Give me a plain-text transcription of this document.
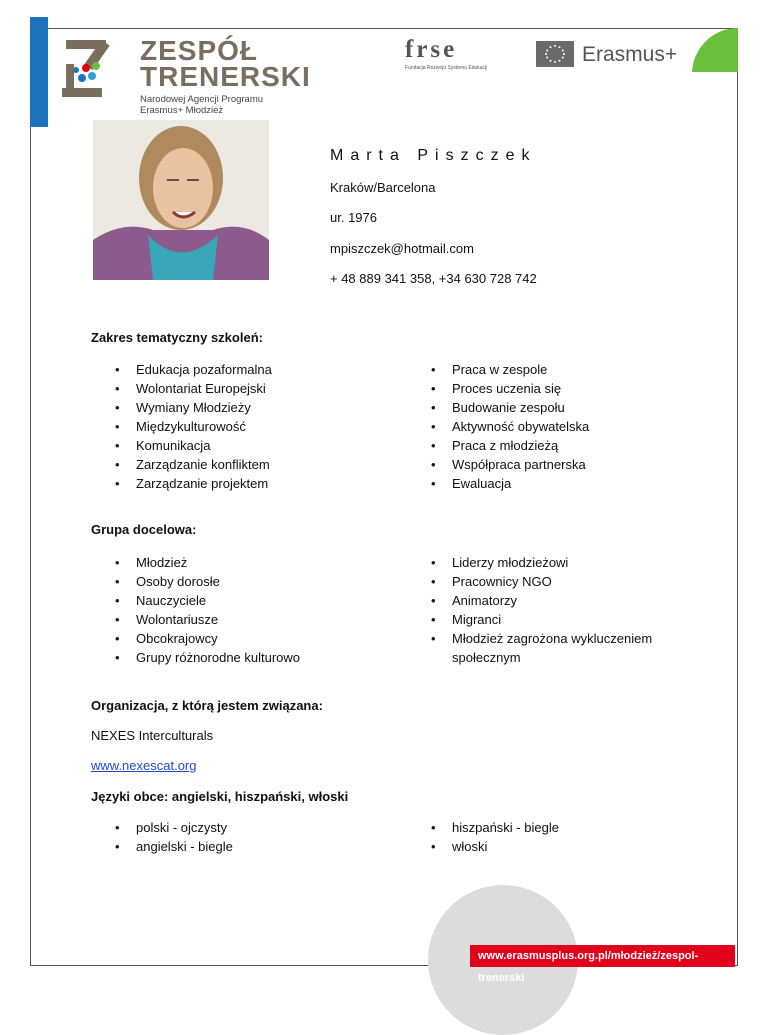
ZESPÓŁ
TRENERSKI
Narodowej Agencji Programu
Erasmus+ Młodzież
frse
Fundacja Rozwoju Systemu Edukacji
Erasmus+
Marta Piszczek
Kraków/Barcelona
ur. 1976
mpiszczek@hotmail.com
+ 48 889 341 358, +34 630 728 742
Zakres tematyczny szkoleń:
• Edukacja pozaformalna
• Wolontariat Europejski
• Wymiany Młodzieży
• Międzykulturowość
• Komunikacja
• Zarządzanie konfliktem
• Zarządzanie projektem
• Praca w zespole
• Proces uczenia się
• Budowanie zespołu
• Aktywność obywatelska
• Praca z młodzieżą
• Współpraca partnerska
• Ewaluacja
Grupa docelowa:
• Młodzież
• Osoby dorosłe
• Nauczyciele
• Wolontariusze
• Obcokrajowcy
• Grupy różnorodne kulturowo
• Liderzy młodzieżowi
• Pracownicy NGO
• Animatorzy
• Migranci
• Młodzież zagrożona wykluczeniem społecznym
Organizacja, z którą jestem związana:
NEXES Interculturals
www.nexescat.org
Języki obce: angielski, hiszpański, włoski
• polski - ojczysty
• angielski - biegle
• hiszpański - biegle
• włoski
www.erasmusplus.org.pl/młodzież/zespol-trenerski
